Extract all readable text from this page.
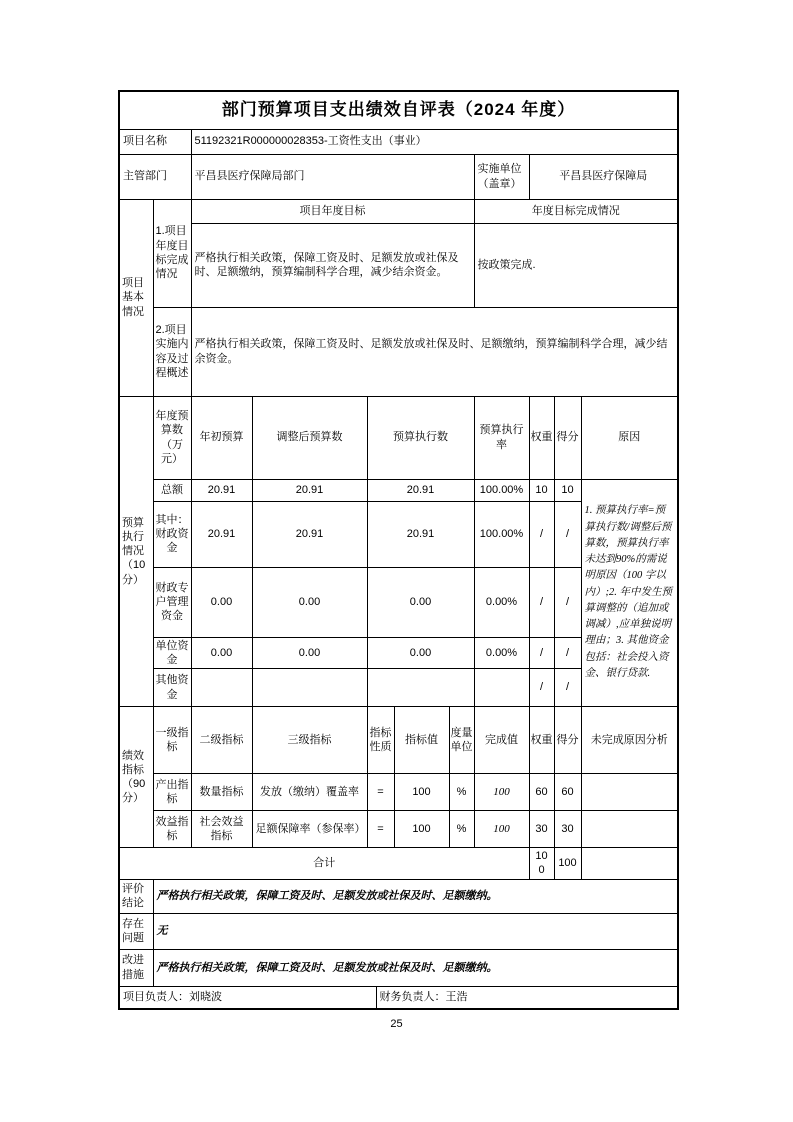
部门预算项目支出绩效自评表（2024 年度）											
项目名称		51192321R000000028353-工资性支出（事业）									
主管部门		平昌县医疗保障局部门						实施单位（盖章）	平昌县医疗保障局		
项目基本情况	1.项目年度目标完成情况	项目年度目标						年度目标完成情况			
		严格执行相关政策，保障工资及时、足额发放或社保及时、足额缴纳，预算编制科学合理，减少结余资金。						按政策完成.			
	2.项目实施内容及过程概述	严格执行相关政策，保障工资及时、足额发放或社保及时、足额缴纳，预算编制科学合理，减少结余资金。									
预算执行情况（10分）	年度预算数（万元）	年初预算	调整后预算数	预算执行数				预算执行率	权重	得分	原因
	总额	20.91	20.91	20.91				100.00%	10	10	1. 预算执行率=预算执行数/调整后预算数，预算执行率未达到90%的需说明原因（100 字以内）;2. 年中发生预算调整的（追加或调减）,应单独说明理由；3. 其他资金包括：社会投入资金、银行贷款.
	其中：财政资金	20.91	20.91	20.91				100.00%	/	/	
	财政专户管理资金	0.00	0.00	0.00				0.00%	/	/	
	单位资金	0.00	0.00	0.00				0.00%	/	/	
	其他资金								/	/	
绩效指标（90分）	一级指标	二级指标	三级指标	指标性质		指标值	度量单位	完成值	权重	得分	未完成原因分析
	产出指标	数量指标	发放（缴纳）覆盖率	=		100	%	100	60	60	
	效益指标	社会效益指标	足额保障率（参保率）	=		100	%	100	30	30	
合计									100	100	
评价结论	严格执行相关政策，保障工资及时、足额发放或社保及时、足额缴纳。										
存在问题	无										
改进措施	严格执行相关政策，保障工资及时、足额发放或社保及时、足额缴纳。										
项目负责人：刘晓波					财务负责人：王浩						
25
